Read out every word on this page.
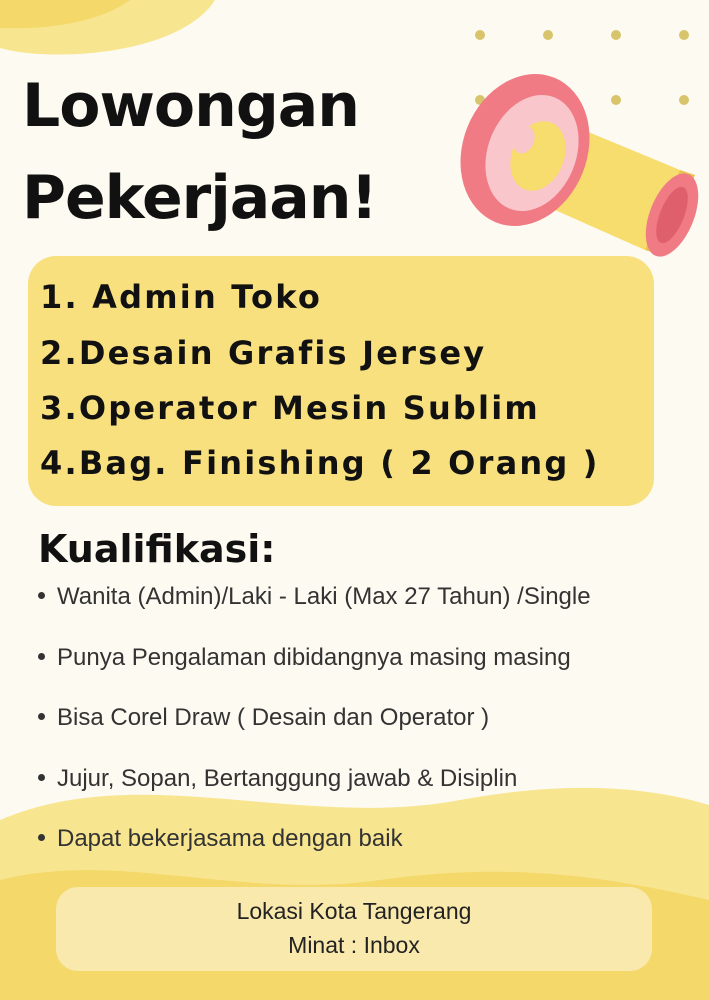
Lowongan
Pekerjaan!
1. Admin Toko
2.Desain Grafis Jersey
3.Operator Mesin Sublim
4.Bag. Finishing ( 2 Orang )
Kualifikasi:
Wanita (Admin)/Laki - Laki (Max 27 Tahun) /Single
Punya Pengalaman dibidangnya masing masing
Bisa Corel Draw ( Desain dan Operator )
Jujur, Sopan, Bertanggung jawab & Disiplin
Dapat bekerjasama dengan baik
Lokasi Kota Tangerang
Minat : Inbox
